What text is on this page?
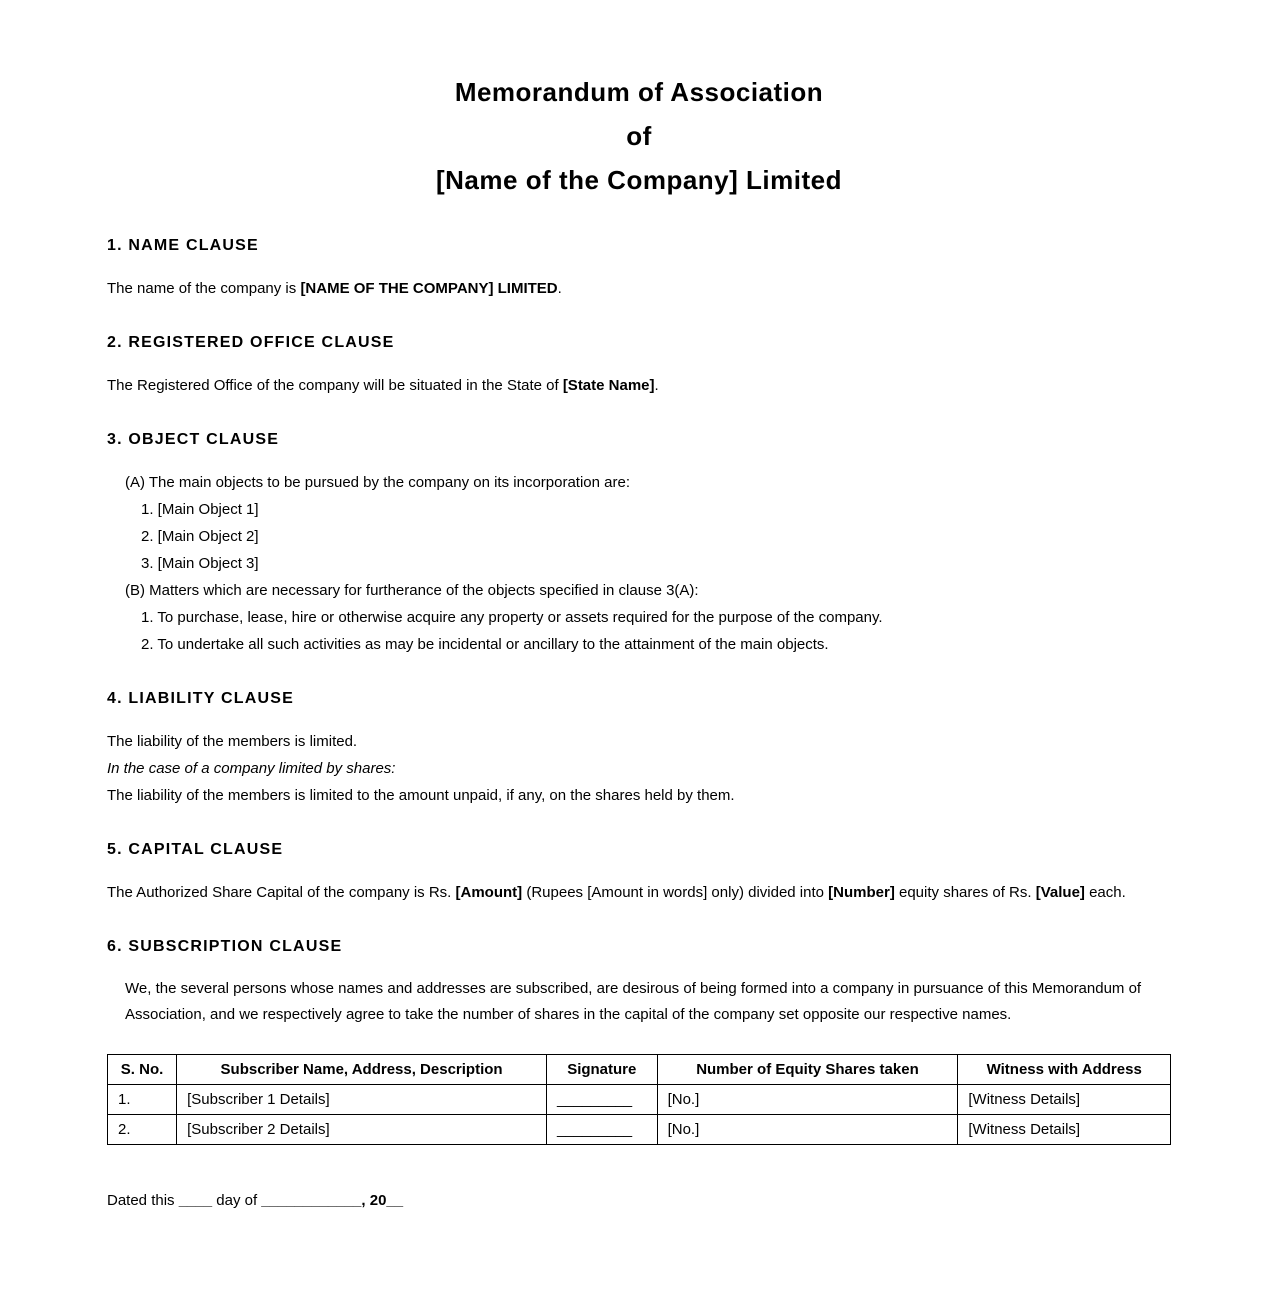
Memorandum of Association
of
[Name of the Company] Limited
1. NAME CLAUSE

The name of the company is [NAME OF THE COMPANY] LIMITED.

2. REGISTERED OFFICE CLAUSE

The Registered Office of the company will be situated in the State of [State Name].

3. OBJECT CLAUSE

(A) The main objects to be pursued by the company on its incorporation are:

1. [Main Object 1]

2. [Main Object 2]

3. [Main Object 3]

(B) Matters which are necessary for furtherance of the objects specified in clause 3(A):

1. To purchase, lease, hire or otherwise acquire any property or assets required for the purpose of the company.

2. To undertake all such activities as may be incidental or ancillary to the attainment of the main objects.

4. LIABILITY CLAUSE

The liability of the members is limited.

In the case of a company limited by shares:

The liability of the members is limited to the amount unpaid, if any, on the shares held by them.

5. CAPITAL CLAUSE

The Authorized Share Capital of the company is Rs. [Amount] (Rupees [Amount in words] only) divided into [Number] equity shares of Rs. [Value] each.

6. SUBSCRIPTION CLAUSE

We, the several persons whose names and addresses are subscribed, are desirous of being formed into a company in pursuance of this Memorandum of Association, and we respectively agree to take the number of shares in the capital of the company set opposite our respective names.

S. No.	Subscriber Name, Address, Description	Signature	Number of Equity Shares taken	Witness with Address
1.	[Subscriber 1 Details]	_________	[No.]	[Witness Details]
2.	[Subscriber 2 Details]	_________	[No.]	[Witness Details]

Dated this ____ day of ____________, 20__
